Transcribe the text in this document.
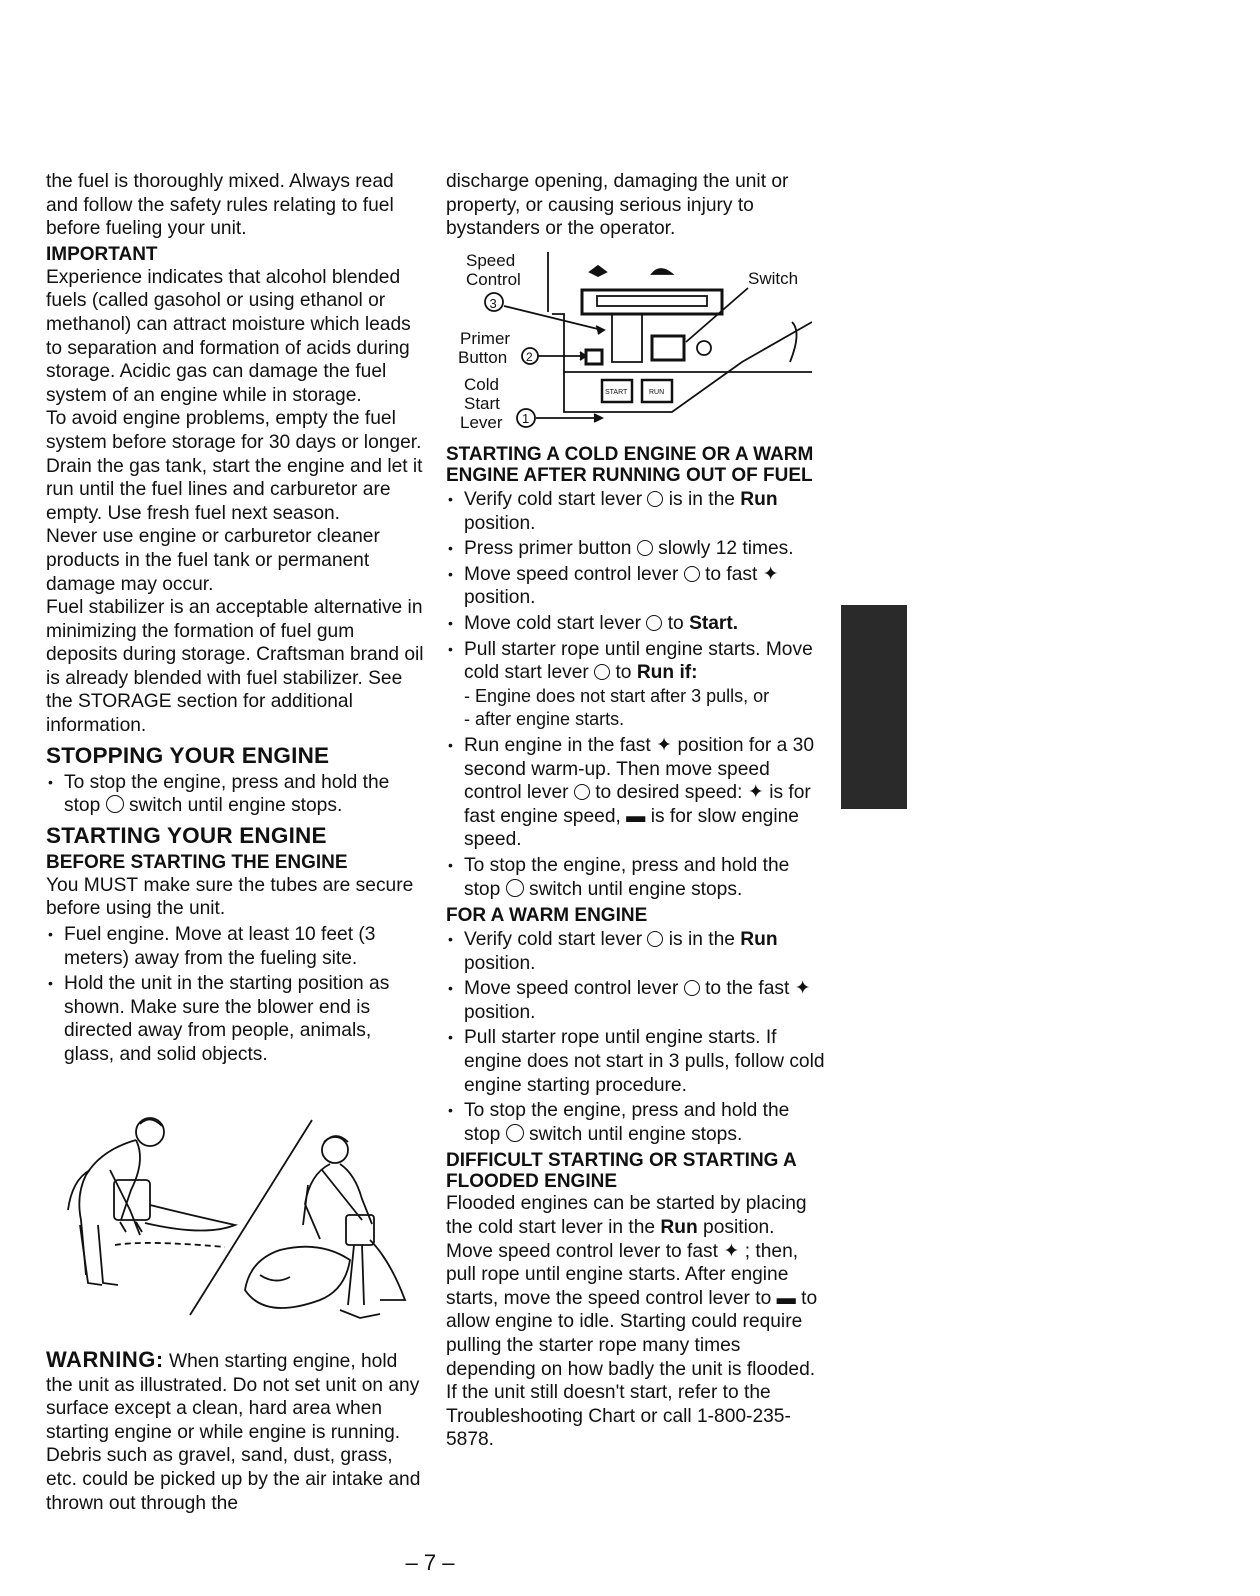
the fuel is thoroughly mixed. Always read and follow the safety rules relating to fuel before fueling your unit.

IMPORTANT

Experience indicates that alcohol blended fuels (called gasohol or using ethanol or methanol) can attract moisture which leads to separation and formation of acids during storage. Acidic gas can damage the fuel system of an engine while in storage.

To avoid engine problems, empty the fuel system before storage for 30 days or longer. Drain the gas tank, start the engine and let it run until the fuel lines and carburetor are empty. Use fresh fuel next season.

Never use engine or carburetor cleaner products in the fuel tank or permanent damage may occur.

Fuel stabilizer is an acceptable alternative in minimizing the formation of fuel gum deposits during storage. Craftsman brand oil is already blended with fuel stabilizer. See the STORAGE section for additional information.

STOPPING YOUR ENGINE
• To stop the engine, press and hold the stop switch until engine stops.
STARTING YOUR ENGINE
BEFORE STARTING THE ENGINE

You MUST make sure the tubes are secure before using the unit.

• Fuel engine. Move at least 10 feet (3 meters) away from the fueling site.
• Hold the unit in the starting position as shown. Make sure the blower end is directed away from people, animals, glass, and solid objects.

WARNING: When starting engine, hold the unit as illustrated. Do not set unit on any surface except a clean, hard area when starting engine or while engine is running. Debris such as gravel, sand, dust, grass, etc. could be picked up by the air intake and thrown out through the

discharge opening, damaging the unit or property, or causing serious injury to bystanders or the operator.

Speed
Control
3
Switch
Primer
Button 2
Cold
Start
Lever 1
START	RUN
STARTING A COLD ENGINE OR A WARM ENGINE AFTER RUNNING OUT OF FUEL
• Verify cold start lever is in the Run position.
• Press primer button slowly 12 times.
• Move speed control lever to fast ✦ position.
• Move cold start lever to Start.
• Pull starter rope until engine starts. Move cold start lever to Run if:
- Engine does not start after 3 pulls, or
- after engine starts.
• Run engine in the fast ✦ position for a 30 second warm-up. Then move speed control lever to desired speed: ✦ is for fast engine speed, ▬ is for slow engine speed.
• To stop the engine, press and hold the stop switch until engine stops.
FOR A WARM ENGINE
• Verify cold start lever is in the Run position.
• Move speed control lever to the fast ✦ position.
• Pull starter rope until engine starts. If engine does not start in 3 pulls, follow cold engine starting procedure.
• To stop the engine, press and hold the stop switch until engine stops.
DIFFICULT STARTING OR STARTING A FLOODED ENGINE

Flooded engines can be started by placing the cold start lever in the Run position. Move speed control lever to fast ✦ ; then, pull rope until engine starts. After engine starts, move the speed control lever to ▬ to allow engine to idle. Starting could require pulling the starter rope many times depending on how badly the unit is flooded. If the unit still doesn't start, refer to the Troubleshooting Chart or call 1-800-235-5878.

– 7 –
